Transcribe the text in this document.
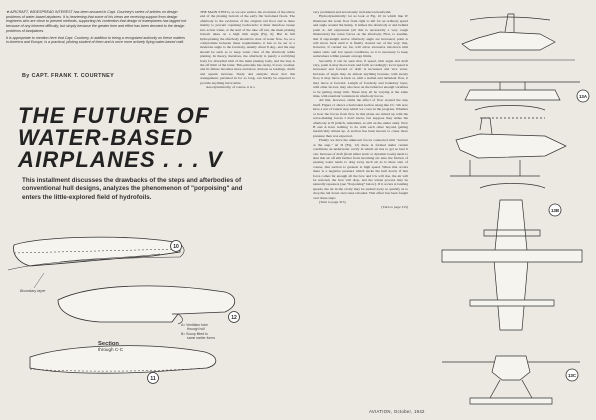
★ AIRCRAFT, WIDESPREAD INTEREST has been aroused in Capt. Courtney's series of articles on design problems of water-based airplanes. It is heartening that some of his views are receiving support from design engineers who are close to present methods, supporting his contention that design of waterplanes has lagged not because of any inherent difficulty, but simply because the greater time and effort has been devoted to the design problems of landplanes.

It is appropriate to mention here that Capt. Courtney, in addition to being a recognized authority on these matters in America and Europe, is a practical, piloting student of them and is once more actively flying water-based craft.

By CAPT. FRANK T. COURTNEY
THE FUTURE OF
WATER-BASED
AIRPLANES . . . V
This installment discusses the drawbacks of the steps and afterbodies of conventional hull designs, analyzes the phenomenon of "porpoising" and enters the little-explored field of hydrofoils.

THE MAIN STEP is, as we saw earlier, the evolution of the elbow end of the planing bottom of the early flat bottomed floats. The afterbody is the evolution of the original tail float and is there mainly to prevent capsizing backwards; it must therefore sweep into action when, at the start of the take off run, the main planing bottom takes on a high trim angle (Fig. 6). But in full hydroplaning the afterbody should be clear of water flow. So, as a compromise between these requirements, it has to be set at a moderate angle to the forebody, usually about 8 deg., and the step should be such as to keep water clear of the afterbody while planing. In theory, therefore, the afterbody is purely a rectifying body for abnormal trim of the main planing body, and the step is the off limit of the latter. This principle has rarely, if ever, worked, and its failure becomes more and more obvious as loadings, drafts and speeds increase. Study and analysis show that this arrangement, persisted in for so long, can hardly be expected to provide anything but trouble.

Aerodynamically, of course, it is a

very prominent and notoriously well-known headwind.

Hydrodynamically: let us look at Fig. 10 in which line W illustrates the water flow from right to left for an ordinary speed and angle around the hump. It strikes the afterbody at and behind point A. All expression (all this is necessarily a very rough illustration) the water forces on the afterbody. First, to assume, that if step-height and/or afterbody angle are increased, point A will move back until it is finally cleared out of the way; this, however, if carried too far, will allow excessive tail-down trim under static and low speed conditions, so it is necessary to keep somewhere within present average limits.

Secondly it can be seen that, if speed, trim angle and draft vary, point A may move back and forth accordingly; local speed is increased and forward of draft is increased and vice versa. Increase of angle may do almost anything because, with steady flow, it may move A back or, with a stalled and turbulent flow, it may move A forward. Length of forebody and boundary layer, with other factors, may also bear on the behavior enough variables to be getting along with. These may all be varying at the same time, with resultant variations in afterbody forces.

All this, however, omits the effect of flow around the step itself. Figure 11 shows a horizontal section along line CC. We now have a sort of lateral step which we cover in the progress. Whether or how the forces from flow in this plane are mixed up with the wave-making forces I don't know, but suppose they strike the afterbody at B (which, remember, is still on the under side). Now B and A have nothing to do with each other beyond getting inextricably mixed up. A section has been known to cause more pressure than was expected.

Finally we have the unknown forces connected with "suction at the step." At D (Fig. 12) there is formed under certain conditions an underwater cavity in which air has to get as best it can. Increase of draft (from either static or dynamic loads) tends to shut this air off still further from incoming air. Also the friction of passing water tends to drag away such air as is there and, of course, that suction is greatest at high speed. When this occurs there is a negative pressure which sucks the hull down; if that force comes far enough aft the bow and CG will rise, the air will be restored, the bow will drop, and the whole process may be naturally repeated, (see "Porpoising" below). If it occurs at landing speeds, the air in the cavity may be sucked away so quickly as to drop the tail down and cause rebound. This effect has been fought over these steps

(Turn to page 315)

(Turn to page 315)

AVIATION, October, 1942
10
Boundary layer
12
11
Section
through C-C
A= Ventilator tube
through hull
B= Scoop fitted to
same earlier forms
13A
13B
13C
